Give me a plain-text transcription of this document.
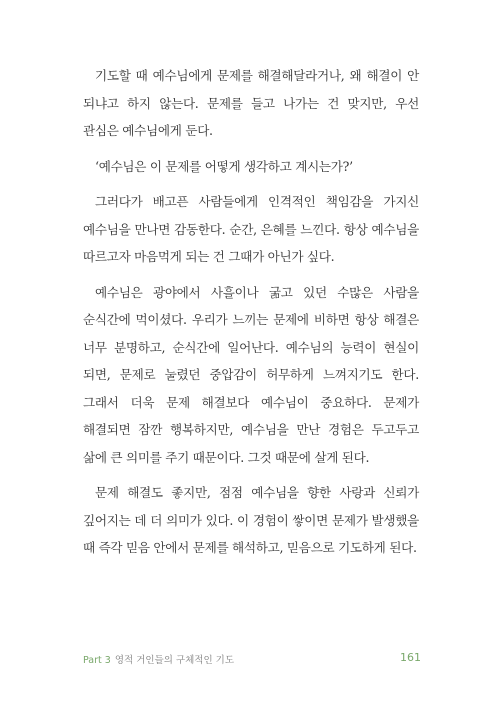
기도할 때 예수님에게 문제를 해결해달라거나, 왜 해결이 안 되냐고 하지 않는다. 문제를 들고 나가는 건 맞지만, 우선 관심은 예수님에게 둔다.

‘예수님은 이 문제를 어떻게 생각하고 계시는가?’

그러다가 배고픈 사람들에게 인격적인 책임감을 가지신 예수님을 만나면 감동한다. 순간, 은혜를 느낀다. 항상 예수님을 따르고자 마음먹게 되는 건 그때가 아닌가 싶다.

예수님은 광야에서 사흘이나 굶고 있던 수많은 사람을 순식간에 먹이셨다. 우리가 느끼는 문제에 비하면 항상 해결은 너무 분명하고, 순식간에 일어난다. 예수님의 능력이 현실이 되면, 문제로 눌렸던 중압감이 허무하게 느껴지기도 한다. 그래서 더욱 문제 해결보다 예수님이 중요하다. 문제가 해결되면 잠깐 행복하지만, 예수님을 만난 경험은 두고두고 삶에 큰 의미를 주기 때문이다. 그것 때문에 살게 된다.

문제 해결도 좋지만, 점점 예수님을 향한 사랑과 신뢰가 깊어지는 데 더 의미가 있다. 이 경험이 쌓이면 문제가 발생했을 때 즉각 믿음 안에서 문제를 해석하고, 믿음으로 기도하게 된다.

Part 3 영적 거인들의 구체적인 기도	161
